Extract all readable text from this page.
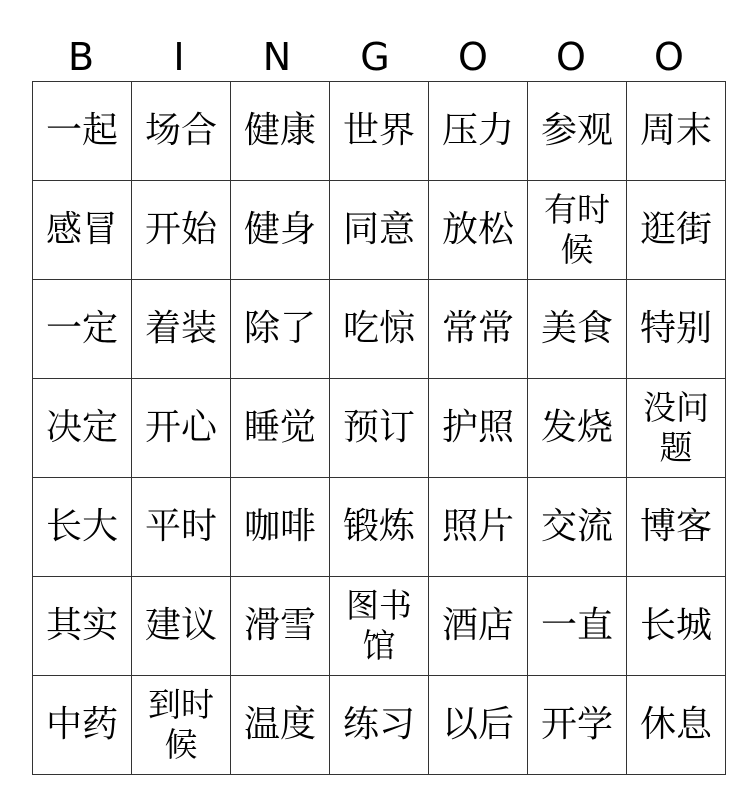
B	I	N	G	O	O	O
一起	场合	健康	世界	压力	参观	周末
感冒	开始	健身	同意	放松	有时候	逛街
一定	着装	除了	吃惊	常常	美食	特别
决定	开心	睡觉	预订	护照	发烧	没问题
长大	平时	咖啡	锻炼	照片	交流	博客
其实	建议	滑雪	图书馆	酒店	一直	长城
中药	到时候	温度	练习	以后	开学	休息
